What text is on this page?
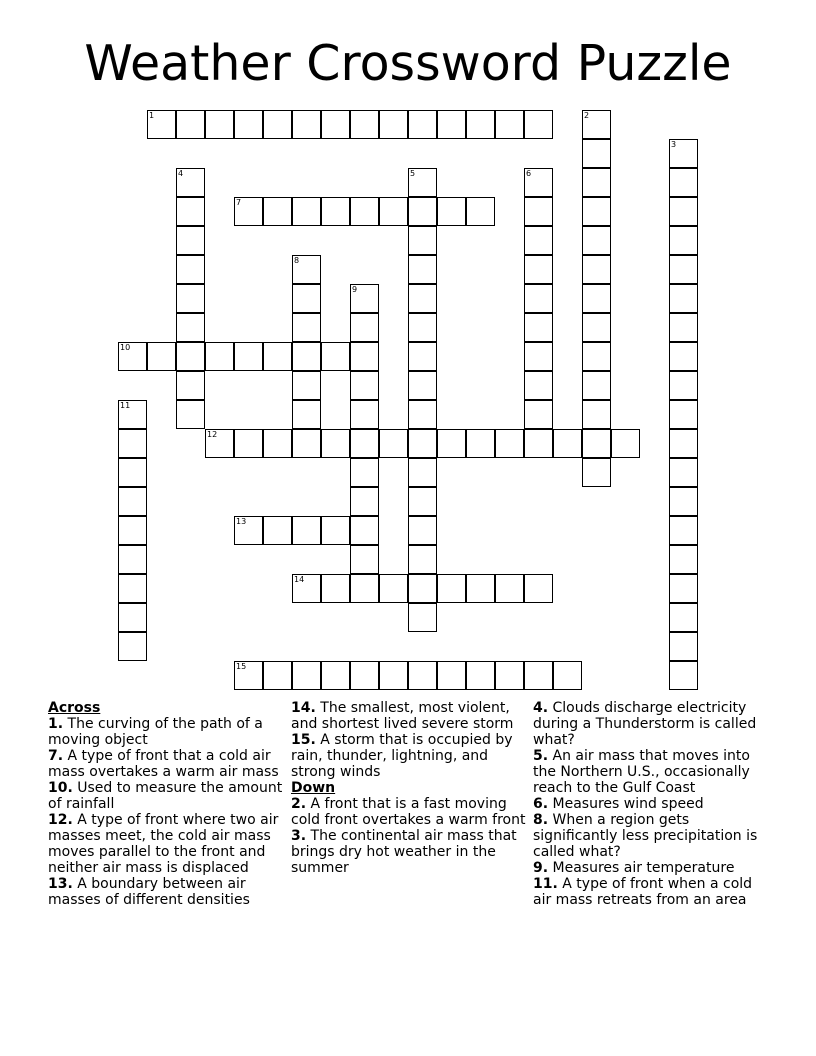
Weather Crossword Puzzle
1	2
3
4	5	6
7
8
9
10
11
12
13
14
15

Across

1. The curving of the path of a moving object

7. A type of front that a cold air mass overtakes a warm air mass

10. Used to measure the amount of rainfall

12. A type of front where two air masses meet, the cold air mass moves parallel to the front and neither air mass is displaced

13. A boundary between air masses of different densities

14. The smallest, most violent, and shortest lived severe storm

15. A storm that is occupied by rain, thunder, lightning, and strong winds

Down

2. A front that is a fast moving cold front overtakes a warm front

3. The continental air mass that brings dry hot weather in the summer

4. Clouds discharge electricity during a Thunderstorm is called what?

5. An air mass that moves into the Northern U.S., occasionally reach to the Gulf Coast

6. Measures wind speed

8. When a region gets significantly less precipitation is called what?

9. Measures air temperature

11. A type of front when a cold air mass retreats from an area
